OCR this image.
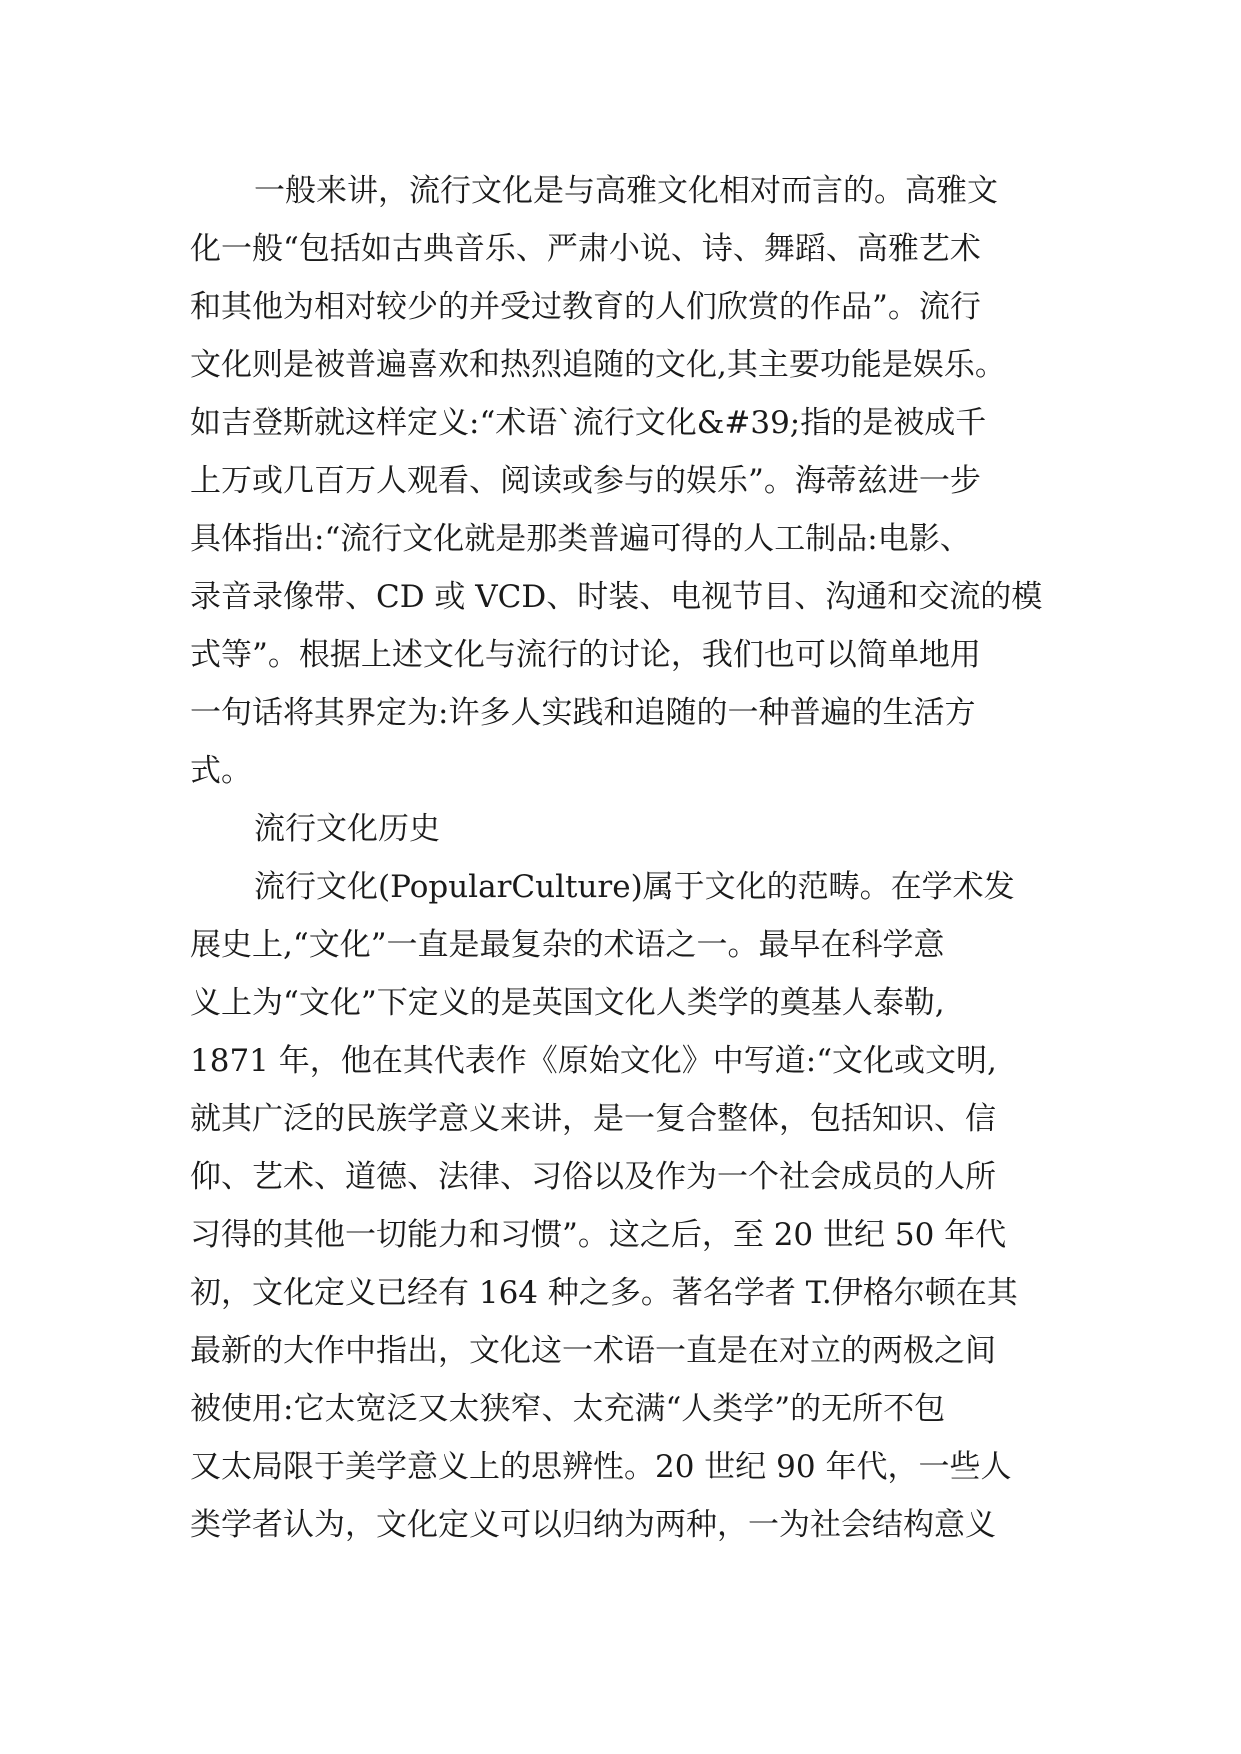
一般来讲，流行文化是与高雅文化相对而言的。高雅文
化一般“包括如古典音乐、严肃小说、诗、舞蹈、高雅艺术
和其他为相对较少的并受过教育的人们欣赏的作品”。流行
文化则是被普遍喜欢和热烈追随的文化,其主要功能是娱乐。
如吉登斯就这样定义:“术语`流行文化&#39;指的是被成千
上万或几百万人观看、阅读或参与的娱乐”。海蒂兹进一步
具体指出:“流行文化就是那类普遍可得的人工制品:电影、
录音录像带、CD 或 VCD、时装、电视节目、沟通和交流的模
式等”。根据上述文化与流行的讨论，我们也可以简单地用
一句话将其界定为:许多人实践和追随的一种普遍的生活方
式。
流行文化历史
流行文化(PopularCulture)属于文化的范畴。在学术发
展史上,“文化”一直是最复杂的术语之一。最早在科学意
义上为“文化”下定义的是英国文化人类学的奠基人泰勒,
1871 年，他在其代表作《原始文化》中写道:“文化或文明,
就其广泛的民族学意义来讲，是一复合整体，包括知识、信
仰、艺术、道德、法律、习俗以及作为一个社会成员的人所
习得的其他一切能力和习惯”。这之后，至 20 世纪 50 年代
初，文化定义已经有 164 种之多。著名学者 T.伊格尔顿在其
最新的大作中指出，文化这一术语一直是在对立的两极之间
被使用:它太宽泛又太狭窄、太充满“人类学”的无所不包
又太局限于美学意义上的思辨性。20 世纪 90 年代，一些人
类学者认为，文化定义可以归纳为两种，一为社会结构意义
